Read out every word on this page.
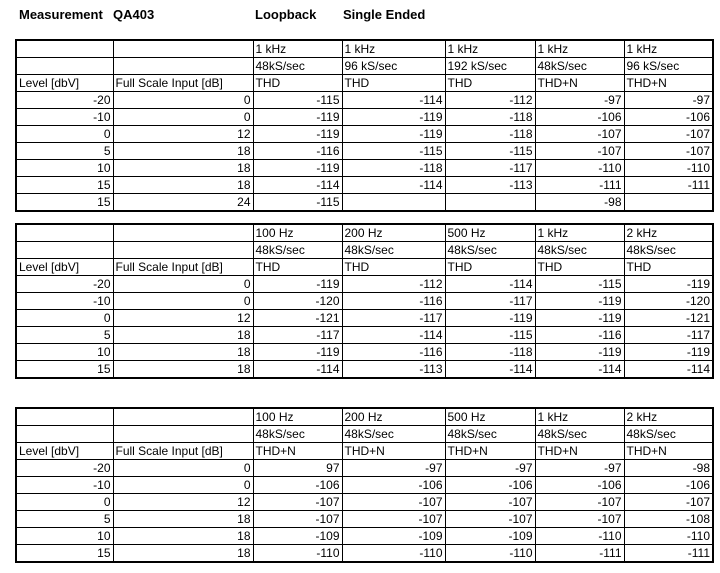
Measurement QA403	Loopback Single Ended
		1 kHz	1 kHz	1 kHz	1 kHz	1 kHz
		48kS/sec	96 kS/sec	192 kS/sec	48kS/sec	96 kS/sec
Level [dbV]	Full Scale Input [dB]	THD	THD	THD	THD+N	THD+N
-20	0	-115	-114	-112	-97	-97
-10	0	-119	-119	-118	-106	-106
0	12	-119	-119	-118	-107	-107
5	18	-116	-115	-115	-107	-107
10	18	-119	-118	-117	-110	-110
15	18	-114	-114	-113	-111	-111
15	24	-115			-98	
		100 Hz	200 Hz	500 Hz	1 kHz	2 kHz
		48kS/sec	48kS/sec	48kS/sec	48kS/sec	48kS/sec
Level [dbV]	Full Scale Input [dB]	THD	THD	THD	THD	THD
-20	0	-119	-112	-114	-115	-119
-10	0	-120	-116	-117	-119	-120
0	12	-121	-117	-119	-119	-121
5	18	-117	-114	-115	-116	-117
10	18	-119	-116	-118	-119	-119
15	18	-114	-113	-114	-114	-114
		100 Hz	200 Hz	500 Hz	1 kHz	2 kHz
		48kS/sec	48kS/sec	48kS/sec	48kS/sec	48kS/sec
Level [dbV]	Full Scale Input [dB]	THD+N	THD+N	THD+N	THD+N	THD+N
-20	0	97	-97	-97	-97	-98
-10	0	-106	-106	-106	-106	-106
0	12	-107	-107	-107	-107	-107
5	18	-107	-107	-107	-107	-108
10	18	-109	-109	-109	-110	-110
15	18	-110	-110	-110	-111	-111
